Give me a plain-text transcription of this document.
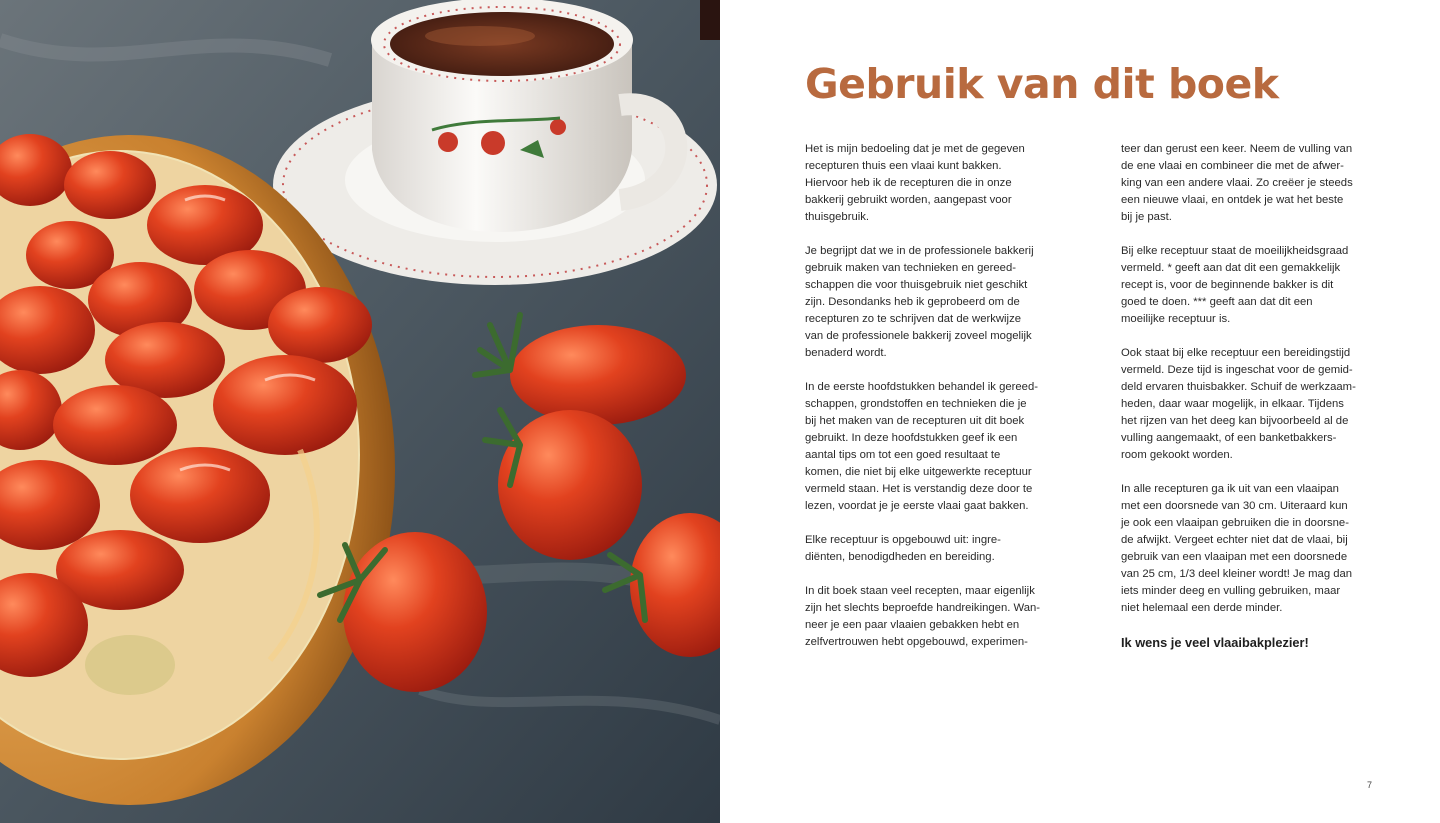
Gebruik van dit boek

Het is mijn bedoeling dat je met de gegeven
recepturen thuis een vlaai kunt bakken.
Hiervoor heb ik de recepturen die in onze
bakkerij gebruikt worden, aangepast voor
thuisgebruik.

Je begrijpt dat we in de professionele bakkerij
gebruik maken van technieken en gereed-
schappen die voor thuisgebruik niet geschikt
zijn. Desondanks heb ik geprobeerd om de
recepturen zo te schrijven dat de werkwijze
van de professionele bakkerij zoveel mogelijk
benaderd wordt.

In de eerste hoofdstukken behandel ik gereed-
schappen, grondstoffen en technieken die je
bij het maken van de recepturen uit dit boek
gebruikt. In deze hoofdstukken geef ik een
aantal tips om tot een goed resultaat te
komen, die niet bij elke uitgewerkte receptuur
vermeld staan. Het is verstandig deze door te
lezen, voordat je je eerste vlaai gaat bakken.

Elke receptuur is opgebouwd uit: ingre-
diënten, benodigdheden en bereiding.

In dit boek staan veel recepten, maar eigenlijk
zijn het slechts beproefde handreikingen. Wan-
neer je een paar vlaaien gebakken hebt en
zelfvertrouwen hebt opgebouwd, experimen-

teer dan gerust een keer. Neem de vulling van
de ene vlaai en combineer die met de afwer-
king van een andere vlaai. Zo creëer je steeds
een nieuwe vlaai, en ontdek je wat het beste
bij je past.

Bij elke receptuur staat de moeilijkheidsgraad
vermeld. * geeft aan dat dit een gemakkelijk
recept is, voor de beginnende bakker is dit
goed te doen. *** geeft aan dat dit een
moeilijke receptuur is.

Ook staat bij elke receptuur een bereidingstijd
vermeld. Deze tijd is ingeschat voor de gemid-
deld ervaren thuisbakker. Schuif de werkzaam-
heden, daar waar mogelijk, in elkaar. Tijdens
het rijzen van het deeg kan bijvoorbeeld al de
vulling aangemaakt, of een banketbakkers-
room gekookt worden.

In alle recepturen ga ik uit van een vlaaipan
met een doorsnede van 30 cm. Uiteraard kun
je ook een vlaaipan gebruiken die in doorsne-
de afwijkt. Vergeet echter niet dat de vlaai, bij
gebruik van een vlaaipan met een doorsnede
van 25 cm, 1/3 deel kleiner wordt! Je mag dan
iets minder deeg en vulling gebruiken, maar
niet helemaal een derde minder.

Ik wens je veel vlaaibakplezier!

7
